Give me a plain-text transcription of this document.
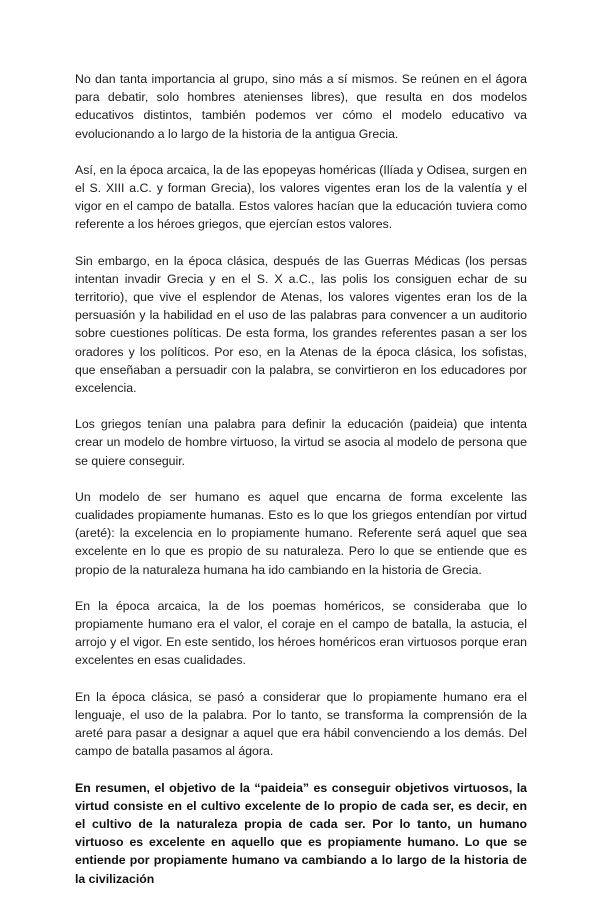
No dan tanta importancia al grupo, sino más a sí mismos. Se reúnen en el ágora para debatir, solo hombres atenienses libres), que resulta en dos modelos educativos distintos, también podemos ver cómo el modelo educativo va evolucionando a lo largo de la historia de la antigua Grecia.

Así, en la época arcaica, la de las epopeyas homéricas (Ilíada y Odisea, surgen en el S. XIII a.C. y forman Grecia), los valores vigentes eran los de la valentía y el vigor en el campo de batalla. Estos valores hacían que la educación tuviera como referente a los héroes griegos, que ejercían estos valores.

Sin embargo, en la época clásica, después de las Guerras Médicas (los persas intentan invadir Grecia y en el S. X a.C., las polis los consiguen echar de su territorio), que vive el esplendor de Atenas, los valores vigentes eran los de la persuasión y la habilidad en el uso de las palabras para convencer a un auditorio sobre cuestiones políticas. De esta forma, los grandes referentes pasan a ser los oradores y los políticos. Por eso, en la Atenas de la época clásica, los sofistas, que enseñaban a persuadir con la palabra, se convirtieron en los educadores por excelencia.

Los griegos tenían una palabra para definir la educación (paideia) que intenta crear un modelo de hombre virtuoso, la virtud se asocia al modelo de persona que se quiere conseguir.

Un modelo de ser humano es aquel que encarna de forma excelente las cualidades propiamente humanas. Esto es lo que los griegos entendían por virtud (areté): la excelencia en lo propiamente humano. Referente será aquel que sea excelente en lo que es propio de su naturaleza. Pero lo que se entiende que es propio de la naturaleza humana ha ido cambiando en la historia de Grecia.

En la época arcaica, la de los poemas homéricos, se consideraba que lo propiamente humano era el valor, el coraje en el campo de batalla, la astucia, el arrojo y el vigor. En este sentido, los héroes homéricos eran virtuosos porque eran excelentes en esas cualidades.

En la época clásica, se pasó a considerar que lo propiamente humano era el lenguaje, el uso de la palabra. Por lo tanto, se transforma la comprensión de la areté para pasar a designar a aquel que era hábil convenciendo a los demás. Del campo de batalla pasamos al ágora.

En resumen, el objetivo de la “paideia” es conseguir objetivos virtuosos, la virtud consiste en el cultivo excelente de lo propio de cada ser, es decir, en el cultivo de la naturaleza propia de cada ser. Por lo tanto, un humano virtuoso es excelente en aquello que es propiamente humano. Lo que se entiende por propiamente humano va cambiando a lo largo de la historia de la civilización
